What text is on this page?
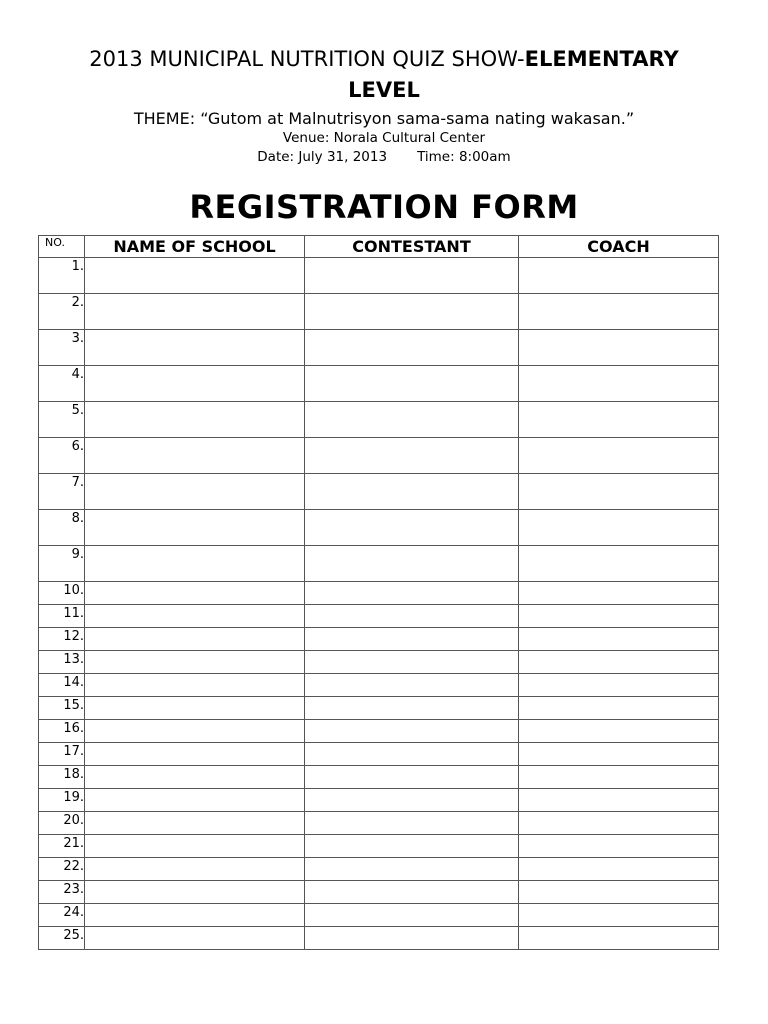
2013 MUNICIPAL NUTRITION QUIZ SHOW-ELEMENTARY
LEVEL
THEME: “Gutom at Malnutrisyon sama-sama nating wakasan.”
Venue: Norala Cultural Center
Date: July 31, 2013 Time: 8:00am
REGISTRATION FORM
NO.	NAME OF SCHOOL	CONTESTANT	COACH
1.			
2.			
3.			
4.			
5.			
6.			
7.			
8.			
9.			
10.			
11.			
12.			
13.			
14.			
15.			
16.			
17.			
18.			
19.			
20.			
21.			
22.			
23.			
24.			
25.			
